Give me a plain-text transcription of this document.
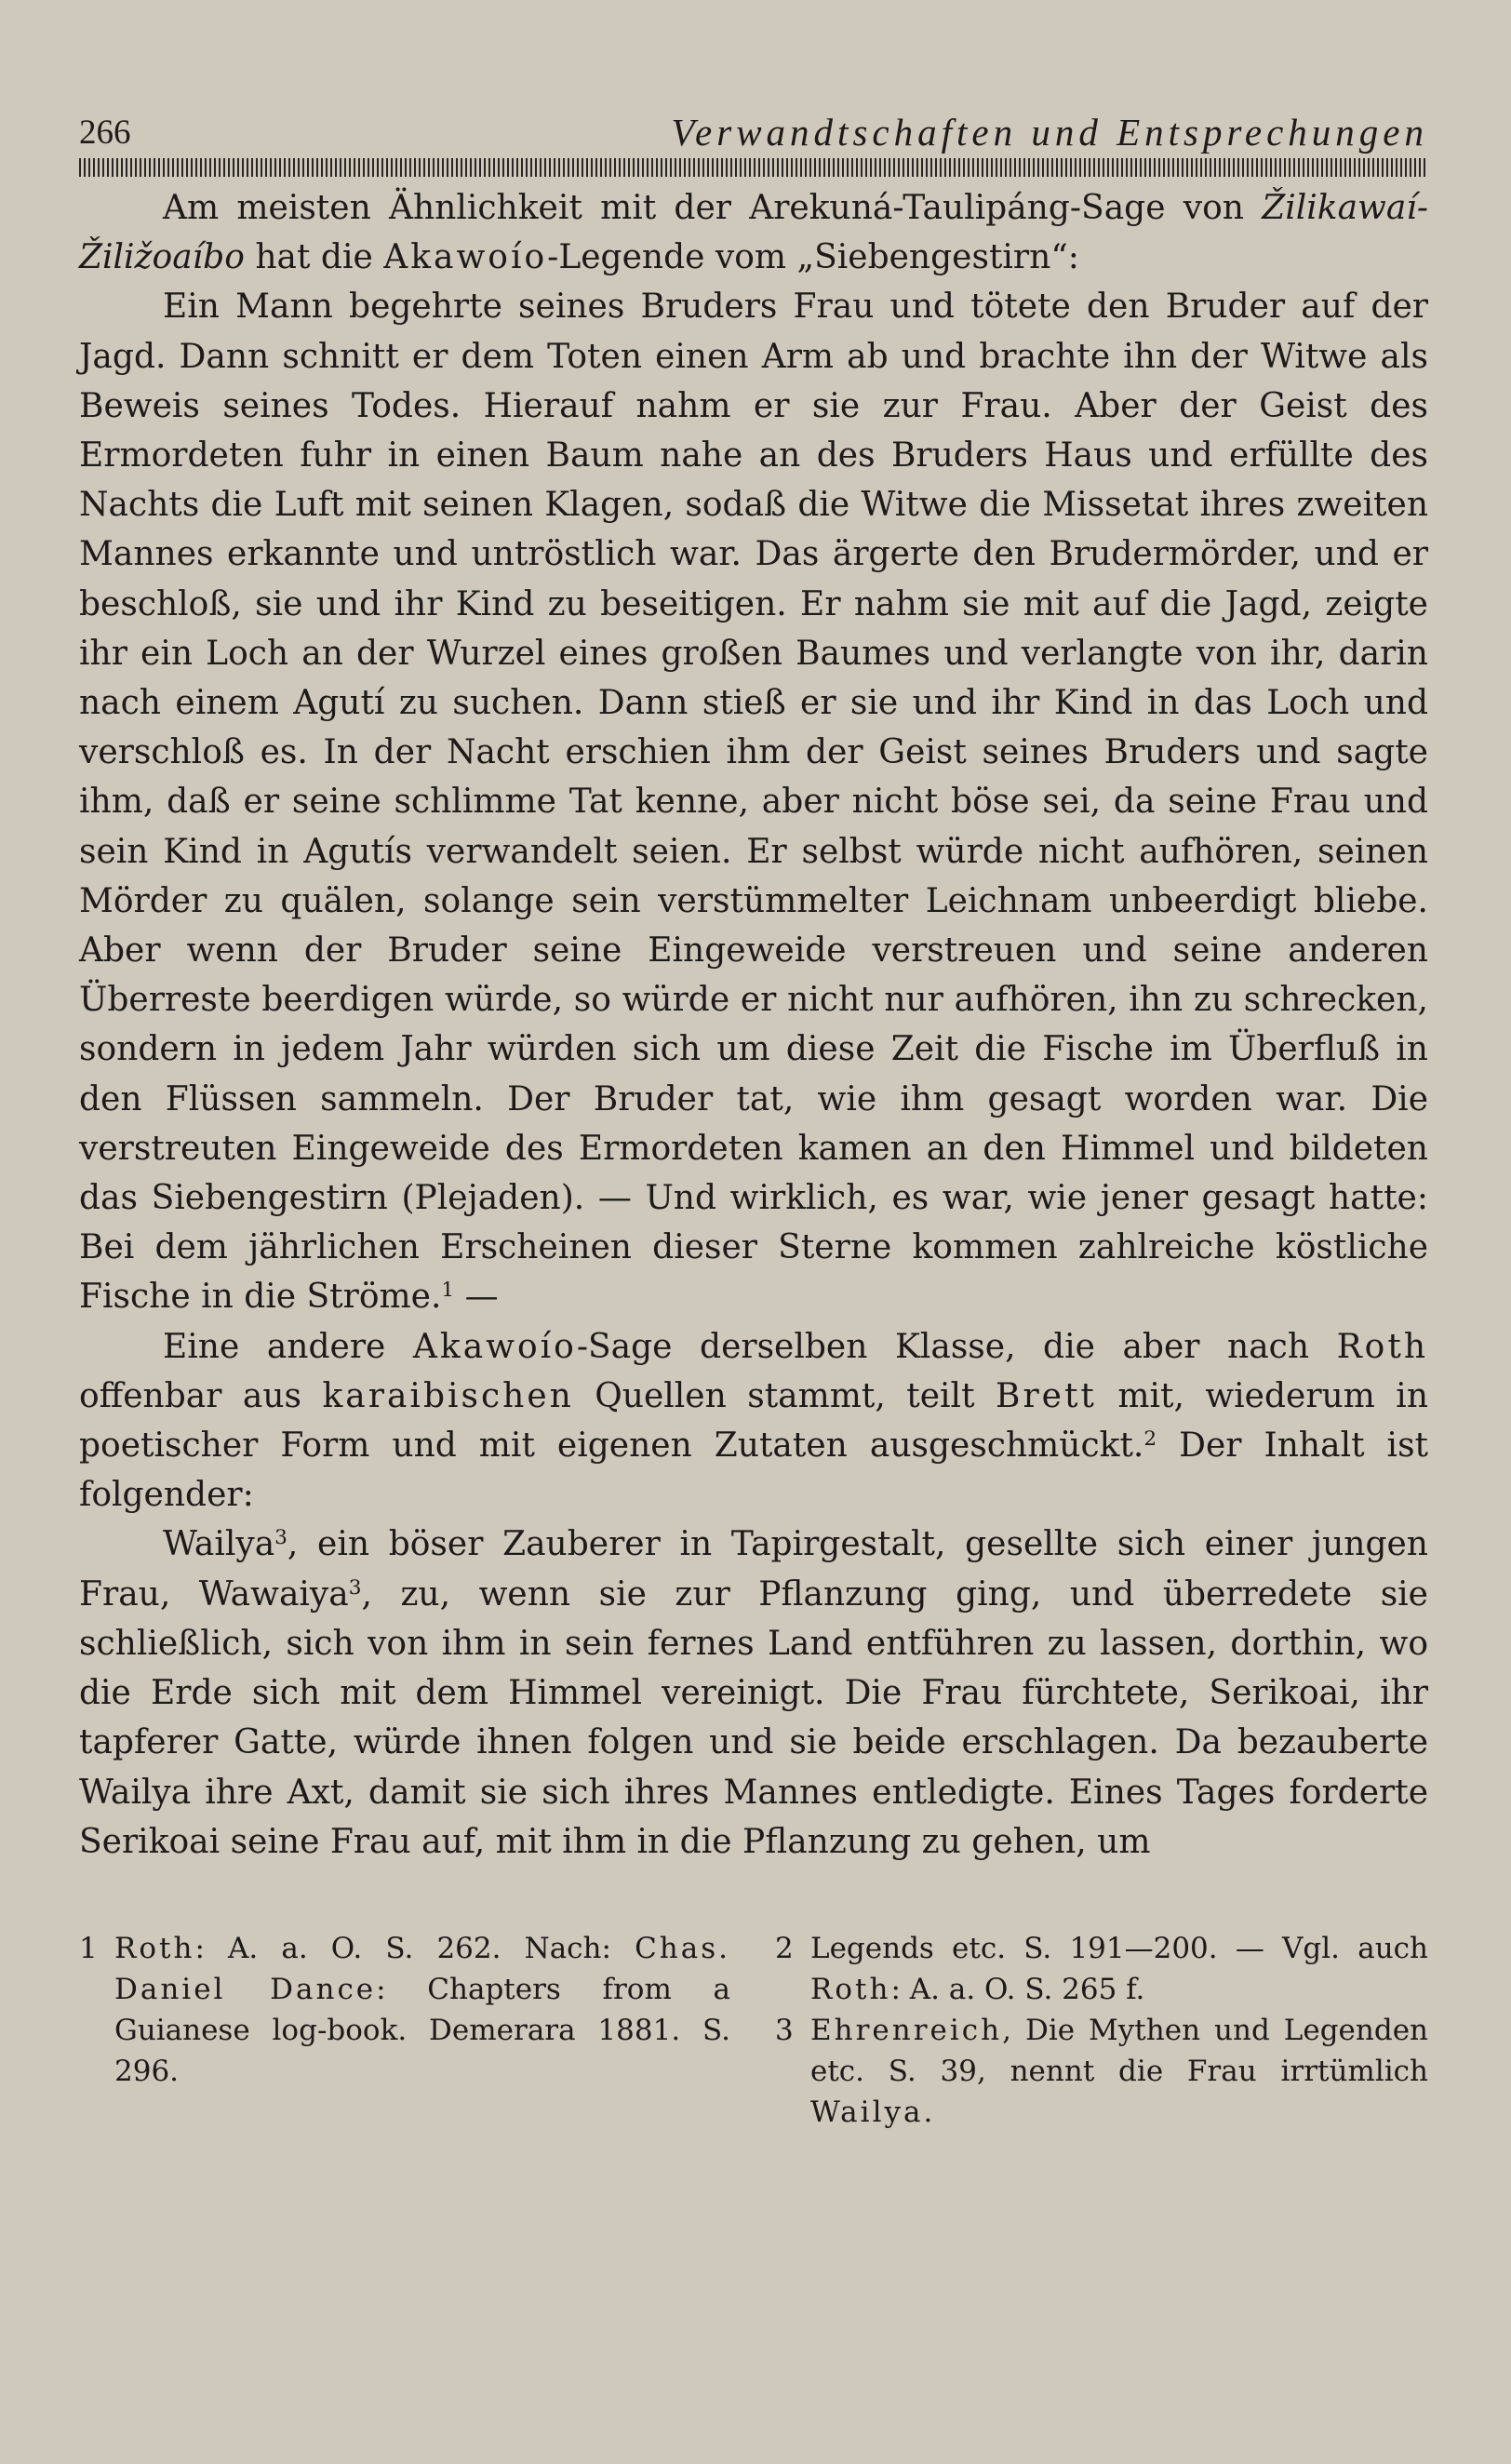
266	Verwandtschaften und Entsprechungen

Am meisten Ähnlichkeit mit der Arekuná-Taulipáng-Sage von Žilikawaí-Žiližoaíbo hat die Akawoío-Legende vom „Siebengestirn“:

Ein Mann begehrte seines Bruders Frau und tötete den Bruder auf der Jagd. Dann schnitt er dem Toten einen Arm ab und brachte ihn der Witwe als Beweis seines Todes. Hierauf nahm er sie zur Frau. Aber der Geist des Ermordeten fuhr in einen Baum nahe an des Bruders Haus und erfüllte des Nachts die Luft mit seinen Klagen, sodaß die Witwe die Missetat ihres zweiten Mannes erkannte und untröstlich war. Das ärgerte den Brudermörder, und er beschloß, sie und ihr Kind zu beseitigen. Er nahm sie mit auf die Jagd, zeigte ihr ein Loch an der Wurzel eines großen Baumes und verlangte von ihr, darin nach einem Agutí zu suchen. Dann stieß er sie und ihr Kind in das Loch und verschloß es. In der Nacht erschien ihm der Geist seines Bruders und sagte ihm, daß er seine schlimme Tat kenne, aber nicht böse sei, da seine Frau und sein Kind in Agutís verwandelt seien. Er selbst würde nicht aufhören, seinen Mörder zu quälen, solange sein verstümmelter Leichnam unbeerdigt bliebe. Aber wenn der Bruder seine Eingeweide verstreuen und seine anderen Überreste beerdigen würde, so würde er nicht nur aufhören, ihn zu schrecken, sondern in jedem Jahr würden sich um diese Zeit die Fische im Überfluß in den Flüssen sammeln. Der Bruder tat, wie ihm gesagt worden war. Die verstreuten Eingeweide des Ermordeten kamen an den Himmel und bildeten das Siebengestirn (Plejaden). — Und wirklich, es war, wie jener gesagt hatte: Bei dem jährlichen Erscheinen dieser Sterne kommen zahlreiche köstliche Fische in die Ströme.$^1$ —

Eine andere Akawoío-Sage derselben Klasse, die aber nach Roth offenbar aus karaibischen Quellen stammt, teilt Brett mit, wiederum in poetischer Form und mit eigenen Zutaten ausgeschmückt.$^2$ Der Inhalt ist folgender:

Wailya$^3$, ein böser Zauberer in Tapirgestalt, gesellte sich einer jungen Frau, Wawaiya$^3$, zu, wenn sie zur Pflanzung ging, und überredete sie schließlich, sich von ihm in sein fernes Land entführen zu lassen, dorthin, wo die Erde sich mit dem Himmel vereinigt. Die Frau fürchtete, Serikoai, ihr tapferer Gatte, würde ihnen folgen und sie beide erschlagen. Da bezauberte Wailya ihre Axt, damit sie sich ihres Mannes entledigte. Eines Tages forderte Serikoai seine Frau auf, mit ihm in die Pflanzung zu gehen, um

1 Roth: A. a. O. S. 262. Nach: Chas. Daniel Dance: Chapters from a Guianese log-book. Demerara 1881. S. 296.

2 Legends etc. S. 191—200. — Vgl. auch Roth: A. a. O. S. 265 f.

3 Ehrenreich, Die Mythen und Legenden etc. S. 39, nennt die Frau irrtümlich Wailya.
